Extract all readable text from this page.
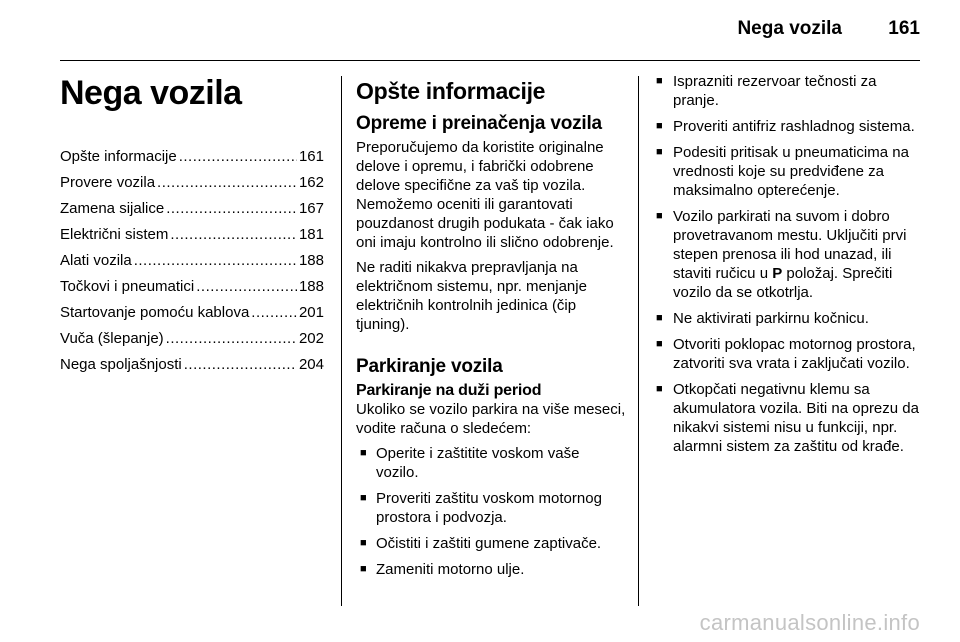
Nega vozila 161
Nega vozila
Opšte informacije .....	161
Provere vozila .....	162
Zamena sijalice .....	167
Električni sistem .....	181
Alati vozila .....	188
Točkovi i pneumatici .....	188
Startovanje pomoću kablova .....	201
Vuča (šlepanje) .....	202
Nega spoljašnjosti .....	204
Opšte informacije
Opreme i preinačenja vozila

Preporučujemo da koristite originalne delove i opremu, i fabrički odobrene delove specifične za vaš tip vozila. Nemožemo oceniti ili garantovati pouzdanost drugih podukata - čak iako oni imaju kontrolno ili slično odobrenje.

Ne raditi nikakva prepravljanja na električnom sistemu, npr. menjanje električnih kontrolnih jedinica (čip tjuning).

Parkiranje vozila
Parkiranje na duži period

Ukoliko se vozilo parkira na više meseci, vodite računa o sledećem:

■ Operite i zaštitite voskom vaše vozilo.
■ Proveriti zaštitu voskom motornog prostora i podvozja.
■ Očistiti i zaštiti gumene zaptivače.
■ Zameniti motorno ulje.
■ Isprazniti rezervoar tečnosti za pranje.
■ Proveriti antifriz rashladnog sistema.
■ Podesiti pritisak u pneumaticima na vrednosti koje su predviđene za maksimalno opterećenje.
■ Vozilo parkirati na suvom i dobro provetravanom mestu. Uključiti prvi stepen prenosa ili hod unazad, ili staviti ručicu u P položaj. Sprečiti vozilo da se otkotrlja.
■ Ne aktivirati parkirnu kočnicu.
■ Otvoriti poklopac motornog prostora, zatvoriti sva vrata i zaključati vozilo.
■ Otkopčati negativnu klemu sa akumulatora vozila. Biti na oprezu da nikakvi sistemi nisu u funkciji, npr. alarmni sistem za zaštitu od krađe.
carmanualsonline.info
